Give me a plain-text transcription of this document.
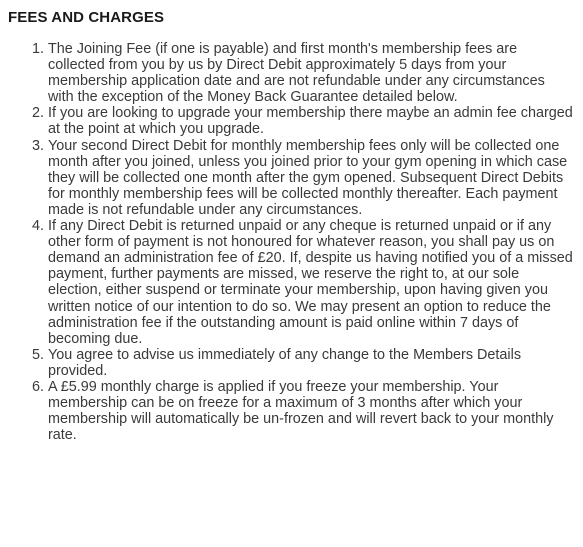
FEES AND CHARGES
1. The Joining Fee (if one is payable) and first month's membership fees are collected from you by us by Direct Debit approximately 5 days from your membership application date and are not refundable under any circumstances with the exception of the Money Back Guarantee detailed below.
2. If you are looking to upgrade your membership there maybe an admin fee charged at the point at which you upgrade.
3. Your second Direct Debit for monthly membership fees only will be collected one month after you joined, unless you joined prior to your gym opening in which case they will be collected one month after the gym opened. Subsequent Direct Debits for monthly membership fees will be collected monthly thereafter. Each payment made is not refundable under any circumstances.
4. If any Direct Debit is returned unpaid or any cheque is returned unpaid or if any other form of payment is not honoured for whatever reason, you shall pay us on demand an administration fee of £20. If, despite us having notified you of a missed payment, further payments are missed, we reserve the right to, at our sole election, either suspend or terminate your membership, upon having given you written notice of our intention to do so. We may present an option to reduce the administration fee if the outstanding amount is paid online within 7 days of becoming due.
5. You agree to advise us immediately of any change to the Members Details provided.
6. A £5.99 monthly charge is applied if you freeze your membership. Your membership can be on freeze for a maximum of 3 months after which your membership will automatically be un-frozen and will revert back to your monthly rate.
